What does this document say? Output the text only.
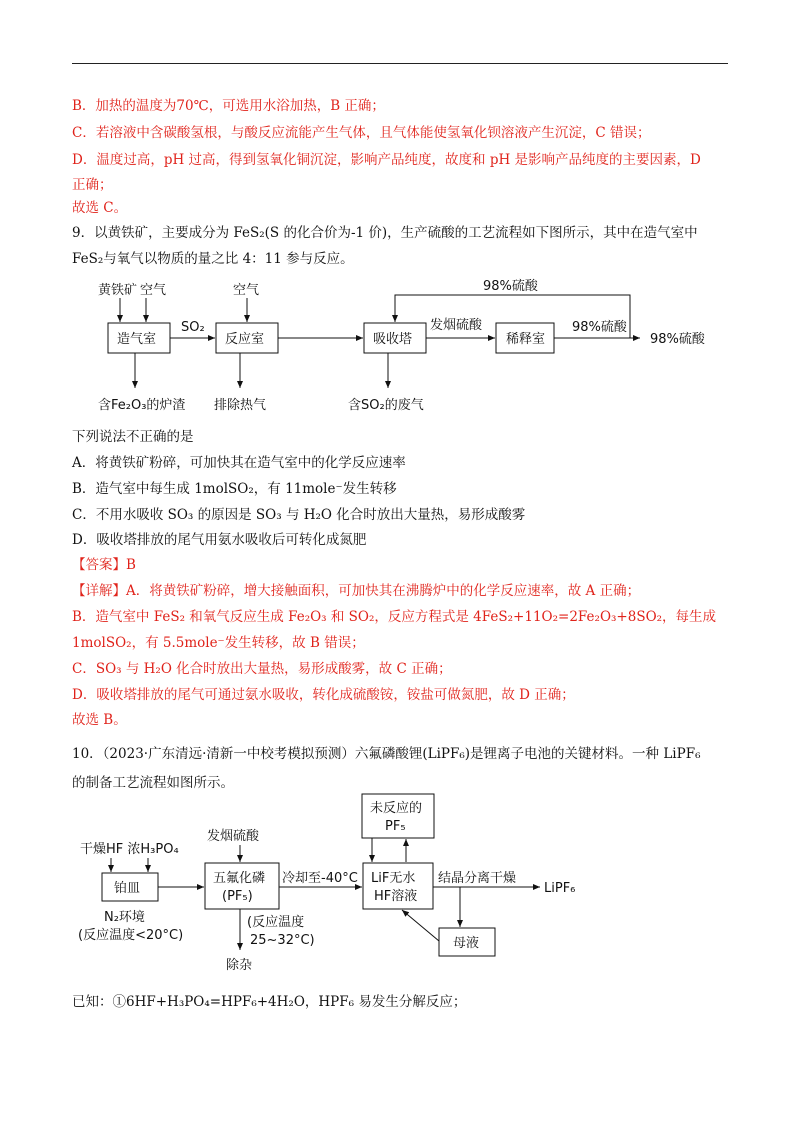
B．加热的温度为70℃，可选用水浴加热，B 正确；
C．若溶液中含碳酸氢根，与酸反应流能产生气体，且气体能使氢氧化钡溶液产生沉淀，C 错误；
D．温度过高，pH 过高，得到氢氧化铜沉淀，影响产品纯度，故度和 pH 是影响产品纯度的主要因素，D
正确；
故选 C。
9．以黄铁矿，主要成分为 FeS₂(S 的化合价为-1 价)，生产硫酸的工艺流程如下图所示，其中在造气室中
FeS₂与氧气以物质的量之比 4：11 参与反应。
黄铁矿 空气	空气
造气室
SO₂
反应室	吸收塔
发烟硫酸
稀释室
98%硫酸
98%硫酸
98%硫酸
含Fe₂O₃的炉渣 排除热气	含SO₂的废气
下列说法不正确的是
A．将黄铁矿粉碎，可加快其在造气室中的化学反应速率
B．造气室中每生成 1molSO₂，有 11mole⁻发生转移
C．不用水吸收 SO₃ 的原因是 SO₃ 与 H₂O 化合时放出大量热，易形成酸雾
D．吸收塔排放的尾气用氨水吸收后可转化成氮肥
【答案】B
【详解】A．将黄铁矿粉碎，增大接触面积，可加快其在沸腾炉中的化学反应速率，故 A 正确；
B．造气室中 FeS₂ 和氧气反应生成 Fe₂O₃ 和 SO₂，反应方程式是 4FeS₂+11O₂=2Fe₂O₃+8SO₂，每生成
1molSO₂，有 5.5mole⁻发生转移，故 B 错误；
C．SO₃ 与 H₂O 化合时放出大量热，易形成酸雾，故 C 正确；
D．吸收塔排放的尾气可通过氨水吸收，转化成硫酸铵，铵盐可做氮肥，故 D 正确；
故选 B。
10．（2023·广东清远·清新一中校考模拟预测）六氟磷酸锂(LiPF₆)是锂离子电池的关键材料。一种 LiPF₆
的制备工艺流程如图所示。
干燥HF 浓H₃PO₄
铂皿
N₂环境
(反应温度<20°C)
发烟硫酸
五氟化磷
(PF₅)
冷却至-40°C
(反应温度
25~32°C)
除杂
LiF无水
HF溶液
未反应的
PF₅
结晶分离干燥
LiPF₆
母液
已知：①6HF+H₃PO₄=HPF₆+4H₂O，HPF₆ 易发生分解反应；
